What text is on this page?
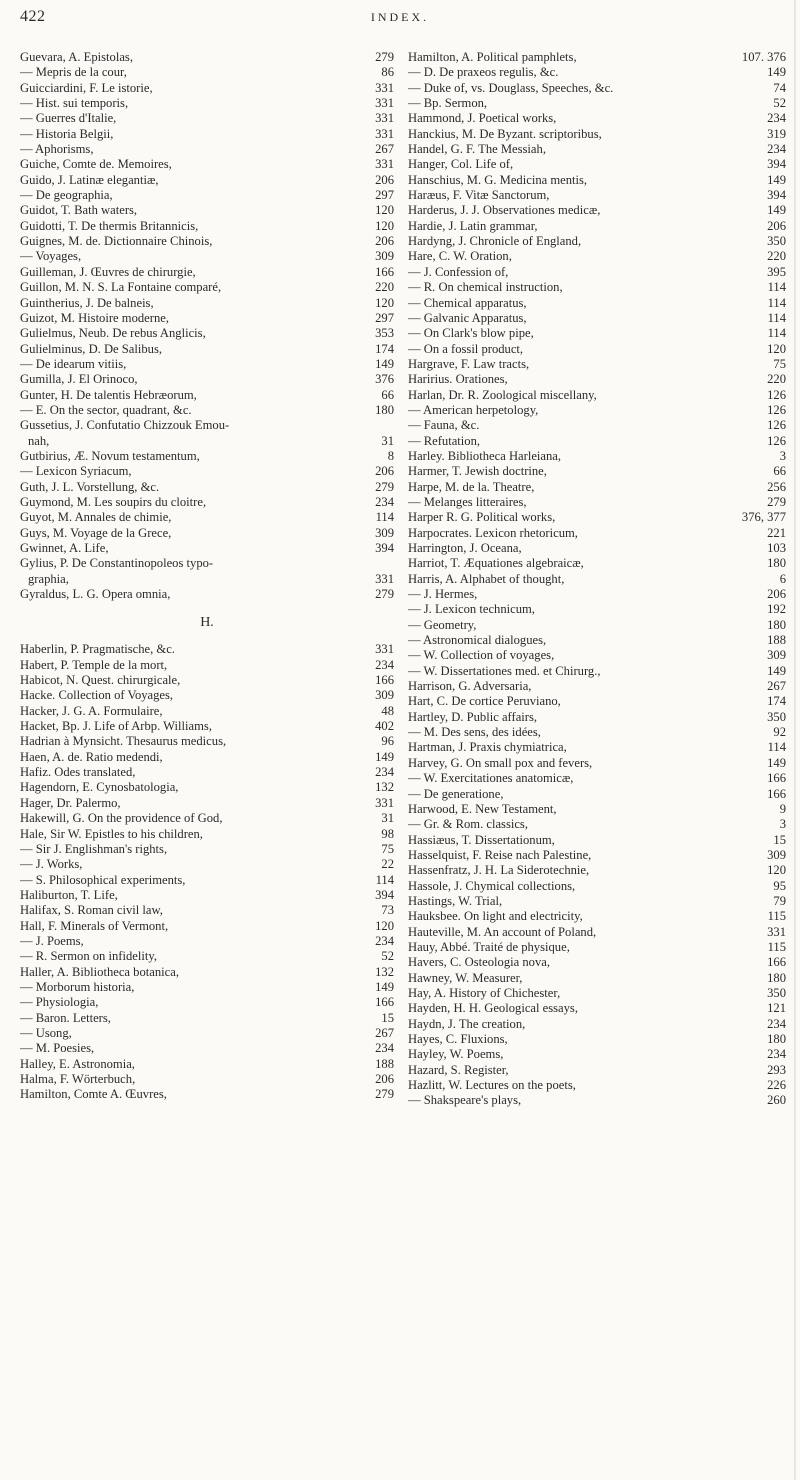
422	INDEX.
Guevara, A. Epistolas,	279
— Mepris de la cour,	86
Guicciardini, F. Le istorie,	331
— Hist. sui temporis,	331
— Guerres d'Italie,	331
— Historia Belgii,	331
— Aphorisms,	267
Guiche, Comte de. Memoires,	331
Guido, J. Latinæ elegantiæ,	206
— De geographia,	297
Guidot, T. Bath waters,	120
Guidotti, T. De thermis Britannicis,	120
Guignes, M. de. Dictionnaire Chinois,	206
— Voyages,	309
Guilleman, J. Œuvres de chirurgie,	166
Guillon, M. N. S. La Fontaine comparé,	220
Guintherius, J. De balneis,	120
Guizot, M. Histoire moderne,	297
Gulielmus, Neub. De rebus Anglicis,	353
Gulielminus, D. De Salibus,	174
— De idearum vitiis,	149
Gumilla, J. El Orinoco,	376
Gunter, H. De talentis Hebræorum,	66
— E. On the sector, quadrant, &c.	180
Gussetius, J. Confutatio Chizzouk Emou-
nah,	31
Gutbirius, Æ. Novum testamentum,	8
— Lexicon Syriacum,	206
Guth, J. L. Vorstellung, &c.	279
Guymond, M. Les soupirs du cloitre,	234
Guyot, M. Annales de chimie,	114
Guys, M. Voyage de la Grece,	309
Gwinnet, A. Life,	394
Gylius, P. De Constantinopoleos typo-
graphia,	331
Gyraldus, L. G. Opera omnia,	279
H.
Haberlin, P. Pragmatische, &c.	331
Habert, P. Temple de la mort,	234
Habicot, N. Quest. chirurgicale,	166
Hacke. Collection of Voyages,	309
Hacker, J. G. A. Formulaire,	48
Hacket, Bp. J. Life of Arbp. Williams,	402
Hadrian à Mynsicht. Thesaurus medicus,	96
Haen, A. de. Ratio medendi,	149
Hafiz. Odes translated,	234
Hagendorn, E. Cynosbatologia,	132
Hager, Dr. Palermo,	331
Hakewill, G. On the providence of God,	31
Hale, Sir W. Epistles to his children,	98
— Sir J. Englishman's rights,	75
— J. Works,	22
— S. Philosophical experiments,	114
Haliburton, T. Life,	394
Halifax, S. Roman civil law,	73
Hall, F. Minerals of Vermont,	120
— J. Poems,	234
— R. Sermon on infidelity,	52
Haller, A. Bibliotheca botanica,	132
— Morborum historia,	149
— Physiologia,	166
— Baron. Letters,	15
— Usong,	267
— M. Poesies,	234
Halley, E. Astronomia,	188
Halma, F. Wörterbuch,	206
Hamilton, Comte A. Œuvres,	279
Hamilton, A. Political pamphlets,	107. 376
— D. De praxeos regulis, &c.	149
— Duke of, vs. Douglass, Speeches, &c.	74
— Bp. Sermon,	52
Hammond, J. Poetical works,	234
Hanckius, M. De Byzant. scriptoribus,	319
Handel, G. F. The Messiah,	234
Hanger, Col. Life of,	394
Hanschius, M. G. Medicina mentis,	149
Haræus, F. Vitæ Sanctorum,	394
Harderus, J. J. Observationes medicæ,	149
Hardie, J. Latin grammar,	206
Hardyng, J. Chronicle of England,	350
Hare, C. W. Oration,	220
— J. Confession of,	395
— R. On chemical instruction,	114
— Chemical apparatus,	114
— Galvanic Apparatus,	114
— On Clark's blow pipe,	114
— On a fossil product,	120
Hargrave, F. Law tracts,	75
Haririus. Orationes,	220
Harlan, Dr. R. Zoological miscellany,	126
— American herpetology,	126
— Fauna, &c.	126
— Refutation,	126
Harley. Bibliotheca Harleiana,	3
Harmer, T. Jewish doctrine,	66
Harpe, M. de la. Theatre,	256
— Melanges litteraires,	279
Harper R. G. Political works,	376, 377
Harpocrates. Lexicon rhetoricum,	221
Harrington, J. Oceana,	103
Harriot, T. Æquationes algebraicæ,	180
Harris, A. Alphabet of thought,	6
— J. Hermes,	206
— J. Lexicon technicum,	192
— Geometry,	180
— Astronomical dialogues,	188
— W. Collection of voyages,	309
— W. Dissertationes med. et Chirurg.,	149
Harrison, G. Adversaria,	267
Hart, C. De cortice Peruviano,	174
Hartley, D. Public affairs,	350
— M. Des sens, des idées,	92
Hartman, J. Praxis chymiatrica,	114
Harvey, G. On small pox and fevers,	149
— W. Exercitationes anatomicæ,	166
— De generatione,	166
Harwood, E. New Testament,	9
— Gr. & Rom. classics,	3
Hassiæus, T. Dissertationum,	15
Hasselquist, F. Reise nach Palestine,	309
Hassenfratz, J. H. La Siderotechnie,	120
Hassole, J. Chymical collections,	95
Hastings, W. Trial,	79
Hauksbee. On light and electricity,	115
Hauteville, M. An account of Poland,	331
Hauy, Abbé. Traité de physique,	115
Havers, C. Osteologia nova,	166
Hawney, W. Measurer,	180
Hay, A. History of Chichester,	350
Hayden, H. H. Geological essays,	121
Haydn, J. The creation,	234
Hayes, C. Fluxions,	180
Hayley, W. Poems,	234
Hazard, S. Register,	293
Hazlitt, W. Lectures on the poets,	226
— Shakspeare's plays,	260
